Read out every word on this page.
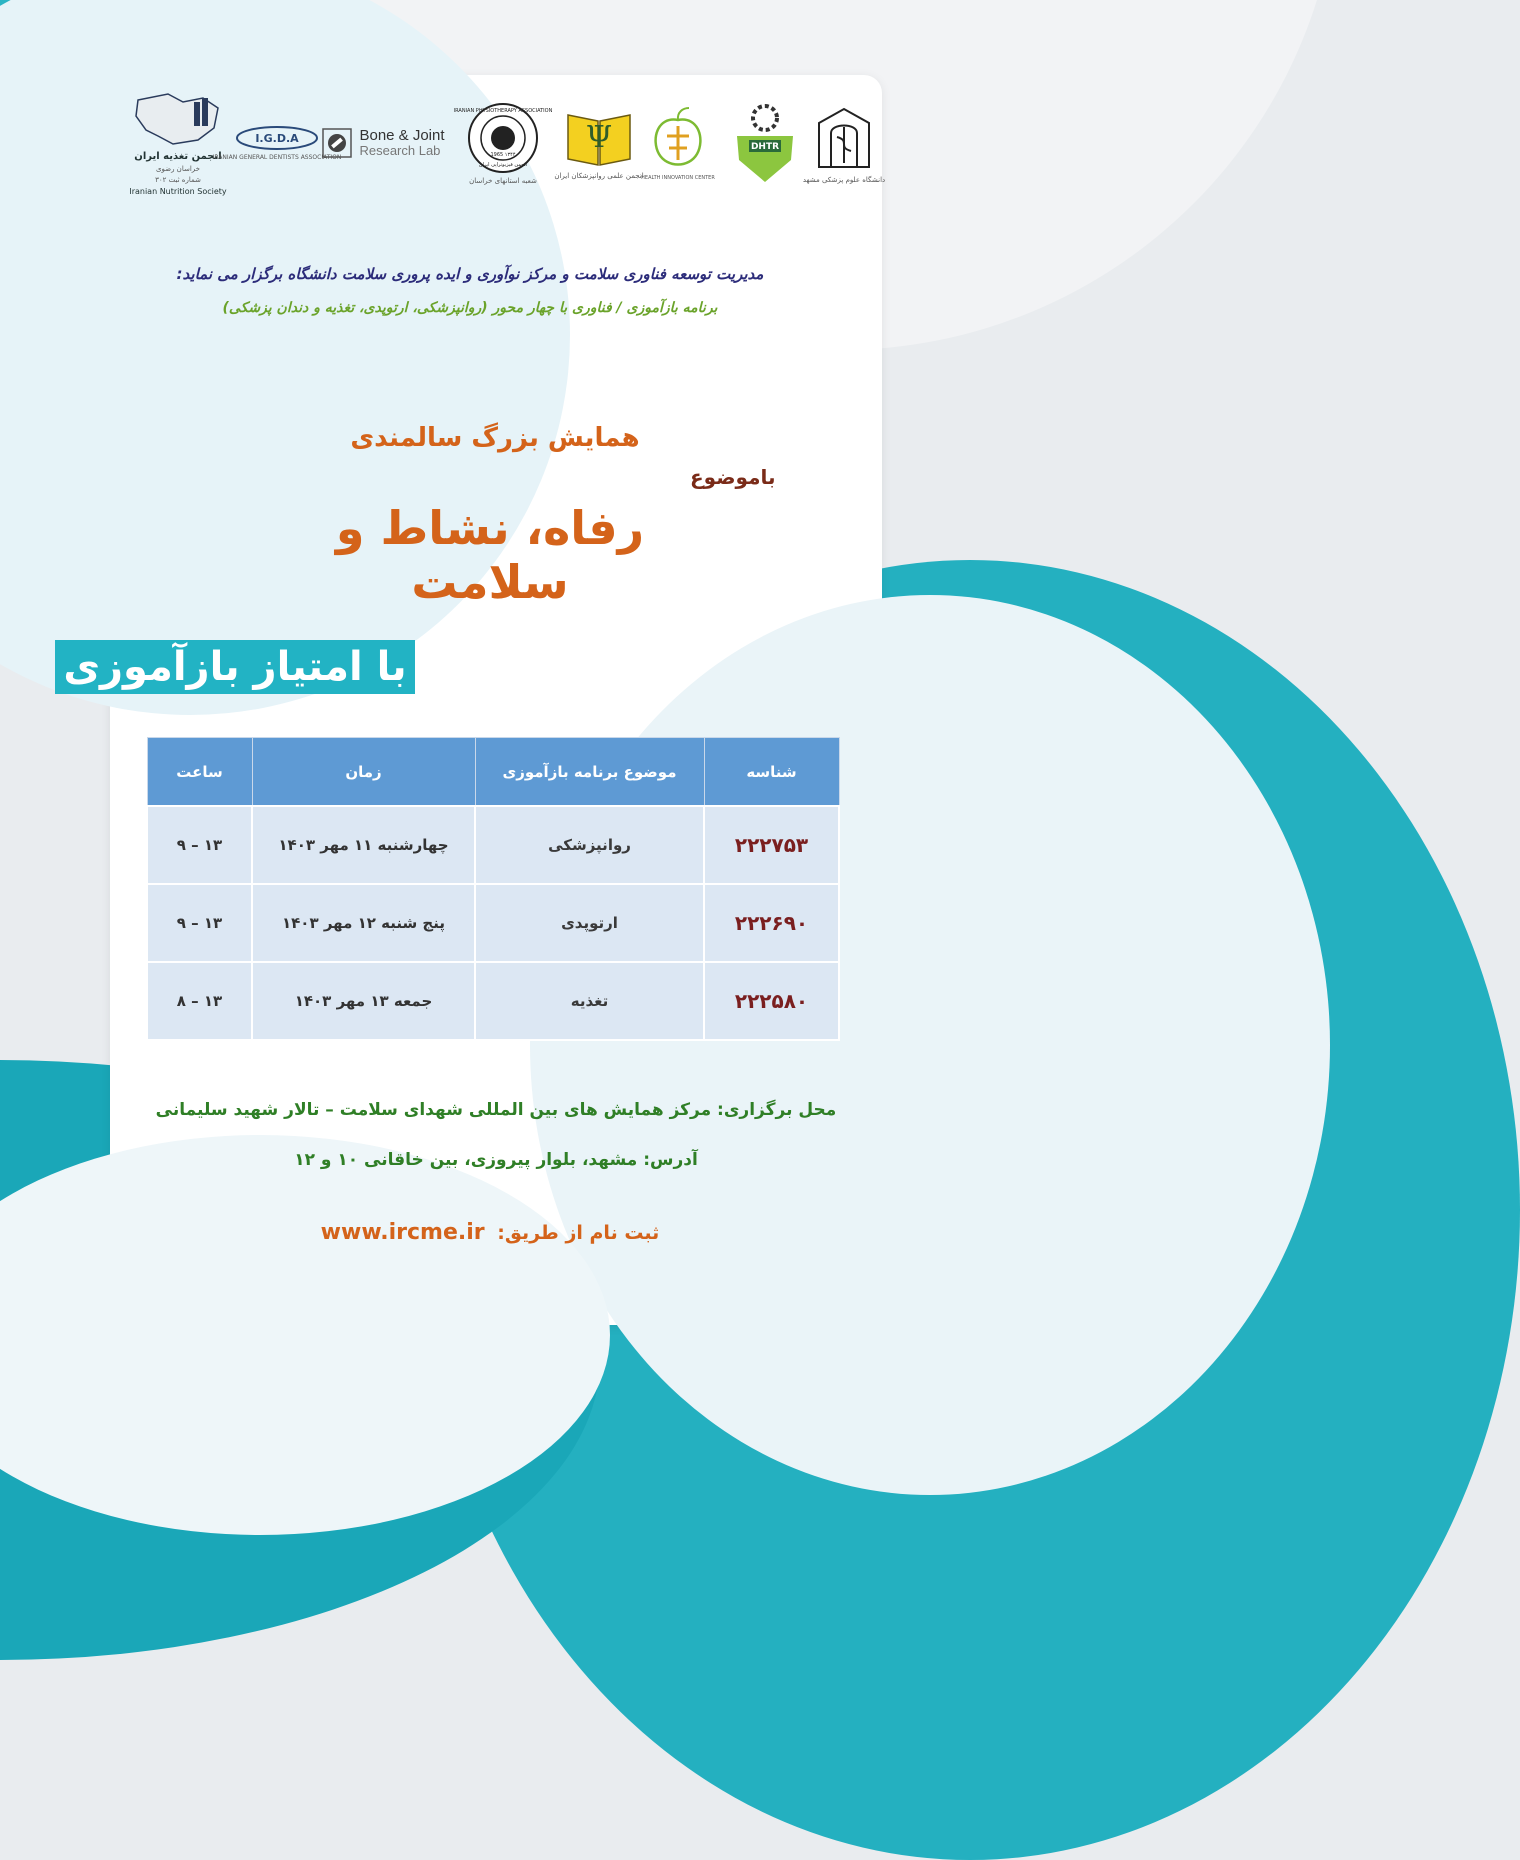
انجمن تغذیه ایران
خراسان رضوی
شماره ثبت ۳۰۲
Iranian Nutrition Society
I.G.D.A
IRANIAN GENERAL DENTISTS ASSOCIATION
Bone & Joint
Research Lab
IRANIAN PHYSIOTHERAPY ASSOCIATION
1965 ۱۳۴۴
انجمن فیزیوتراپی ایران
شعبه استانهای خراسان
Ψ
انجمن علمی روانپزشکان ایران
HEALTH INNOVATION CENTER
DHTR
دانشگاه علوم پزشکی مشهد
مدیریت توسعه فناوری سلامت و مرکز نوآوری و ایده پروری سلامت دانشگاه برگزار می نماید:
برنامه بازآموزی / فناوری با چهار محور (روانپزشکی، ارتوپدی، تغذیه و دندان پزشکی)
همایش بزرگ سالمندی
باموضوع
رفاه، نشاط و سلامت
با امتیاز بازآموزی
شناسه	موضوع برنامه بازآموزی	زمان	ساعت
۲۲۲۷۵۳	روانپزشکی	چهارشنبه ۱۱ مهر ۱۴۰۳	۱۳ – ۹
۲۲۲۶۹۰	ارتوپدی	پنج شنبه ۱۲ مهر ۱۴۰۳	۱۳ – ۹
۲۲۲۵۸۰	تغذیه	جمعه ۱۳ مهر ۱۴۰۳	۱۳ – ۸
محل برگزاری: مرکز همایش های بین المللی شهدای سلامت – تالار شهید سلیمانی
آدرس: مشهد، بلوار پیروزی، بین خاقانی ۱۰ و ۱۲
ثبت نام از طریق: www.ircme.ir
